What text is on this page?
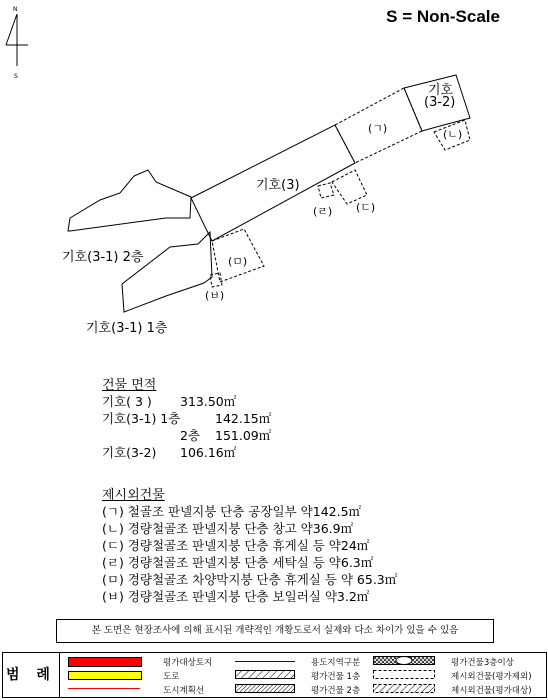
N
S
S = Non-Scale
기호(3)
기호
(3-2)
기호(3-1) 2층
기호(3-1) 1층
(ㄱ)	(ㄴ)
(ㄷ)
(ㄹ)
(ㅁ)
(ㅂ)
건물 면적
기호( 3 ) 313.50㎡
기호(3-1) 1층	142.15㎡
2층 151.09㎡
기호(3-2) 106.16㎡
제시외건물
(ㄱ) 철골조 판넬지붕 단층 공장일부 약142.5㎡
(ㄴ) 경량철골조 판넬지붕 단층 창고 약36.9㎡
(ㄷ) 경량철골조 판넬지붕 단층 휴게실 등 약24㎡
(ㄹ) 경량철골조 판넬지붕 단층 세탁실 등 약6.3㎡
(ㅁ) 경량철골조 차양막지붕 단층 휴게실 등 약 65.3㎡
(ㅂ) 경량철골조 판넬지붕 단층 보일러실 약3.2㎡
본 도면은 현장조사에 의해 표시된 개략적인 개황도로서 실제와 다소 차이가 있을 수 있음
범 례
평가대상토지
도로
도시계획선
용도지역구분
평가건물 1층
평가건물 2층
평가건물3층이상
제시외건물(평가제외)
제시외건물(평가대상)
